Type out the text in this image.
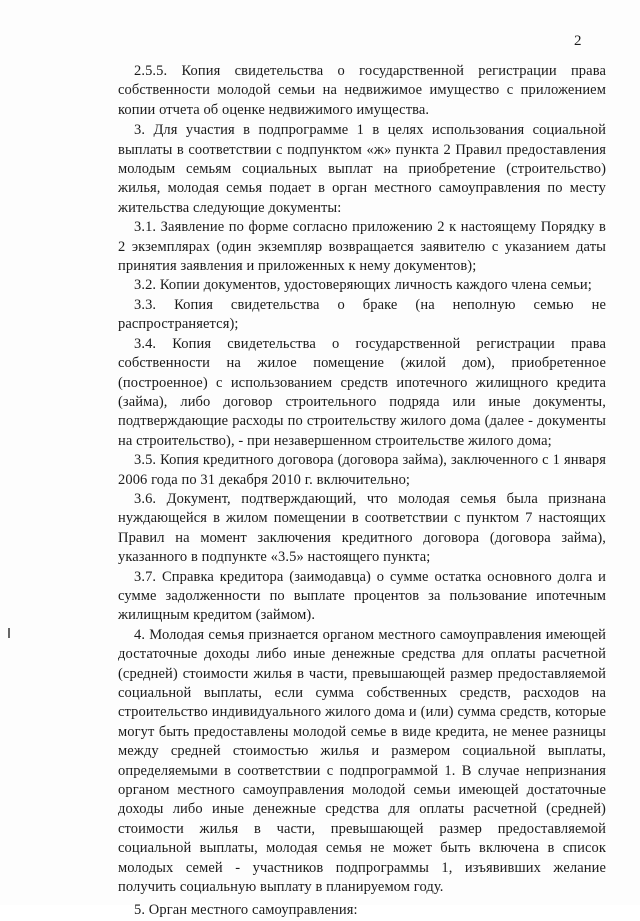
2

2.5.5. Копия свидетельства о государственной регистрации права собственности молодой семьи на недвижимое имущество с приложением копии отчета об оценке недвижимого имущества.

3. Для участия в подпрограмме 1 в целях использования социальной выплаты в соответствии с подпунктом «ж» пункта 2 Правил предоставления молодым семьям социальных выплат на приобретение (строительство) жилья, молодая семья подает в орган местного самоуправления по месту жительства следующие документы:

3.1. Заявление по форме согласно приложению 2 к настоящему Порядку в 2 экземплярах (один экземпляр возвращается заявителю с указанием даты принятия заявления и приложенных к нему документов);

3.2. Копии документов, удостоверяющих личность каждого члена семьи;

3.3. Копия свидетельства о браке (на неполную семью не распространяется);

3.4. Копия свидетельства о государственной регистрации права собственности на жилое помещение (жилой дом), приобретенное (построенное) с использованием средств ипотечного жилищного кредита (займа), либо договор строительного подряда или иные документы, подтверждающие расходы по строительству жилого дома (далее - документы на строительство), - при незавершенном строительстве жилого дома;

3.5. Копия кредитного договора (договора займа), заключенного с 1 января 2006 года по 31 декабря 2010 г. включительно;

3.6. Документ, подтверждающий, что молодая семья была признана нуждающейся в жилом помещении в соответствии с пунктом 7 настоящих Правил на момент заключения кредитного договора (договора займа), указанного в подпункте «3.5» настоящего пункта;

3.7. Справка кредитора (заимодавца) о сумме остатка основного долга и сумме задолженности по выплате процентов за пользование ипотечным жилищным кредитом (займом).

4. Молодая семья признается органом местного самоуправления имеющей достаточные доходы либо иные денежные средства для оплаты расчетной (средней) стоимости жилья в части, превышающей размер предоставляемой социальной выплаты, если сумма собственных средств, расходов на строительство индивидуального жилого дома и (или) сумма средств, которые могут быть предоставлены молодой семье в виде кредита, не менее разницы между средней стоимостью жилья и размером социальной выплаты, определяемыми в соответствии с подпрограммой 1. В случае непризнания органом местного самоуправления молодой семьи имеющей достаточные доходы либо иные денежные средства для оплаты расчетной (средней) стоимости жилья в части, превышающей размер предоставляемой социальной выплаты, молодая семья не может быть включена в список молодых семей - участников подпрограммы 1, изъявивших желание получить социальную выплату в планируемом году.

5. Орган местного самоуправления:
